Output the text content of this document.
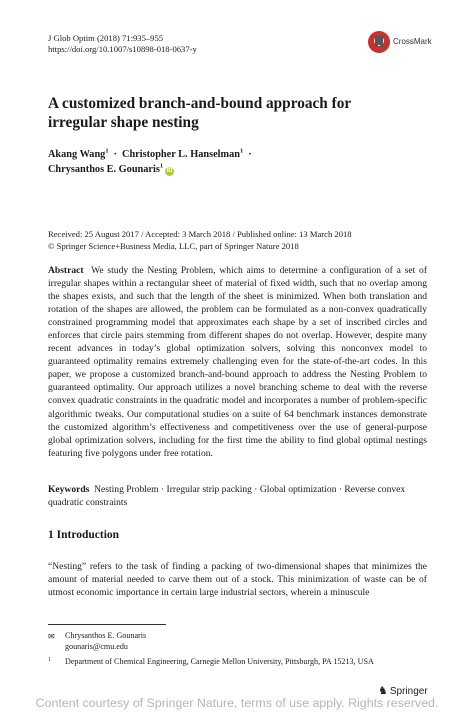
J Glob Optim (2018) 71:935–955
https://doi.org/10.1007/s10898-018-0637-y
CrossMark
A customized branch-and-bound approach for irregular shape nesting
Akang Wang$^1$ · Christopher L. Hanselman$^1$ ·
Chrysanthos E. Gounaris$^1$iD
Received: 25 August 2017 / Accepted: 3 March 2018 / Published online: 13 March 2018
© Springer Science+Business Media, LLC, part of Springer Nature 2018

Abstract We study the Nesting Problem, which aims to determine a configuration of a set of irregular shapes within a rectangular sheet of material of fixed width, such that no overlap among the shapes exists, and such that the length of the sheet is minimized. When both translation and rotation of the shapes are allowed, the problem can be formulated as a non-convex quadratically constrained programming model that approximates each shape by a set of inscribed circles and enforces that circle pairs stemming from different shapes do not overlap. However, despite many recent advances in today’s global optimization solvers, solving this nonconvex model to guaranteed optimality remains extremely challenging even for the state-of-the-art codes. In this paper, we propose a customized branch-and-bound approach to address the Nesting Problem to guaranteed optimality. Our approach utilizes a novel branching scheme to deal with the reverse convex quadratic constraints in the quadratic model and incorporates a number of problem-specific algorithmic tweaks. Our computational studies on a suite of 64 benchmark instances demonstrate the customized algorithm’s effectiveness and competitiveness over the use of general-purpose global optimization solvers, including for the first time the ability to find global optimal nestings featuring five polygons under free rotation.

Keywords Nesting Problem · Irregular strip packing · Global optimization · Reverse convex quadratic constraints

1 Introduction

“Nesting” refers to the task of finding a packing of two-dimensional shapes that minimizes the amount of material needed to carve them out of a stock. This minimization of waste can be of utmost economic importance in certain large industrial sectors, wherein a minuscule

✉	Chrysanthos E. Gounaris
gounaris@cmu.edu
1 Department of Chemical Engineering, Carnegie Mellon University, Pittsburgh, PA 15213, USA
♞ Springer
Content courtesy of Springer Nature, terms of use apply. Rights reserved.
